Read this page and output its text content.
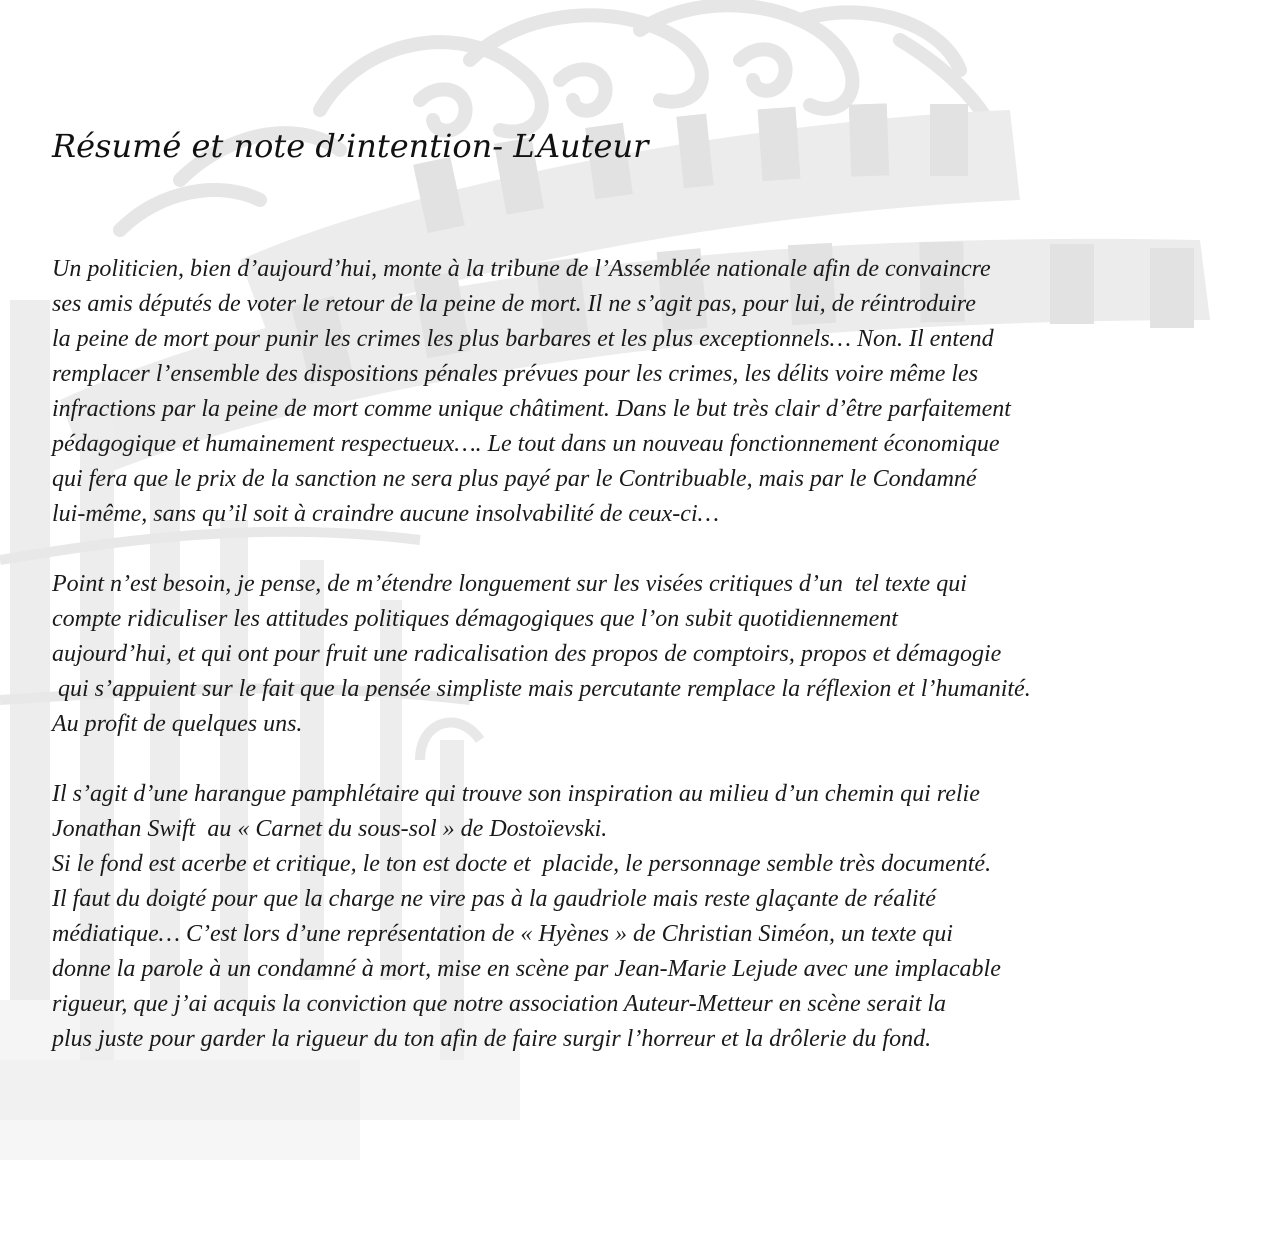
Résumé et note d’intention- L’Auteur

Un politicien, bien d’aujourd’hui, monte à la tribune de l’Assemblée nationale afin de convaincre
ses amis députés de voter le retour de la peine de mort. Il ne s’agit pas, pour lui, de réintroduire
la peine de mort pour punir les crimes les plus barbares et les plus exceptionnels… Non. Il entend
remplacer l’ensemble des dispositions pénales prévues pour les crimes, les délits voire même les
infractions par la peine de mort comme unique châtiment. Dans le but très clair d’être parfaitement
pédagogique et humainement respectueux…. Le tout dans un nouveau fonctionnement économique
qui fera que le prix de la sanction ne sera plus payé par le Contribuable, mais par le Condamné
lui-même, sans qu’il soit à craindre aucune insolvabilité de ceux-ci…

Point n’est besoin, je pense, de m’étendre longuement sur les visées critiques d’un  tel texte qui
compte ridiculiser les attitudes politiques démagogiques que l’on subit quotidiennement
aujourd’hui, et qui ont pour fruit une radicalisation des propos de comptoirs, propos et démagogie
qui s’appuient sur le fait que la pensée simpliste mais percutante remplace la réflexion et l’humanité.
Au profit de quelques uns.

Il s’agit d’une harangue pamphlétaire qui trouve son inspiration au milieu d’un chemin qui relie
Jonathan Swift  au « Carnet du sous-sol » de Dostoïevski.
Si le fond est acerbe et critique, le ton est docte et  placide, le personnage semble très documenté.
Il faut du doigté pour que la charge ne vire pas à la gaudriole mais reste glaçante de réalité
médiatique… C’est lors d’une représentation de « Hyènes » de Christian Siméon, un texte qui
donne la parole à un condamné à mort, mise en scène par Jean-Marie Lejude avec une implacable
rigueur, que j’ai acquis la conviction que notre association Auteur-Metteur en scène serait la
plus juste pour garder la rigueur du ton afin de faire surgir l’horreur et la drôlerie du fond.
